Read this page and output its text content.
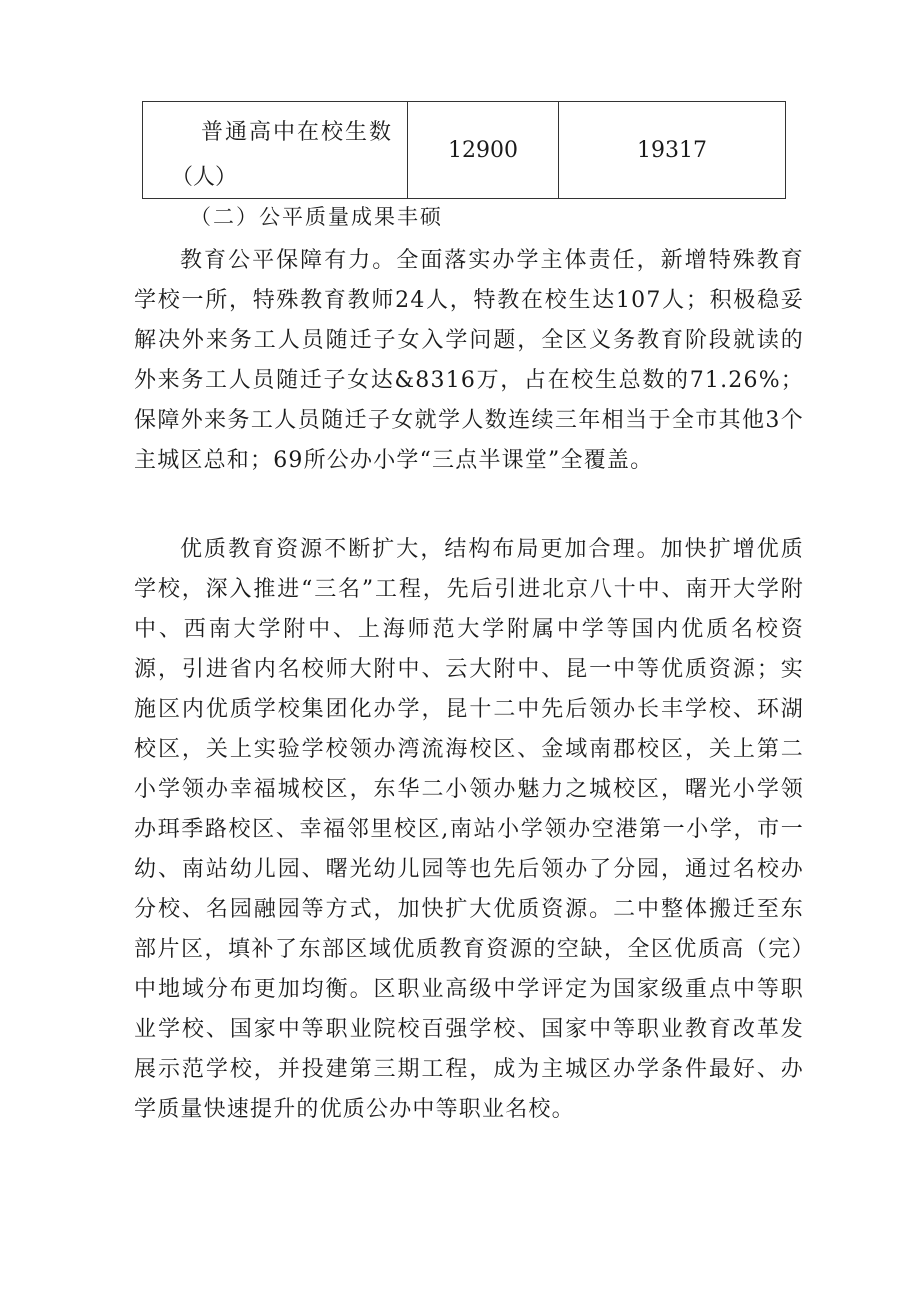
普通高中在校生数
（人）
	12900	19317
（二）公平质量成果丰硕

教育公平保障有力。全面落实办学主体责任，新增特殊教育学校一所，特殊教育教师24人，特教在校生达107人；积极稳妥解决外来务工人员随迁子女入学问题，全区义务教育阶段就读的外来务工人员随迁子女达&8316万，占在校生总数的71.26%；保障外来务工人员随迁子女就学人数连续三年相当于全市其他3个主城区总和；69所公办小学“三点半课堂”全覆盖。

优质教育资源不断扩大，结构布局更加合理。加快扩增优质学校，深入推进“三名”工程，先后引进北京八十中、南开大学附中、西南大学附中、上海师范大学附属中学等国内优质名校资源，引进省内名校师大附中、云大附中、昆一中等优质资源；实施区内优质学校集团化办学，昆十二中先后领办长丰学校、环湖校区，关上实验学校领办湾流海校区、金域南郡校区，关上第二小学领办幸福城校区，东华二小领办魅力之城校区，曙光小学领办珥季路校区、幸福邻里校区,南站小学领办空港第一小学，市一幼、南站幼儿园、曙光幼儿园等也先后领办了分园，通过名校办分校、名园融园等方式，加快扩大优质资源。二中整体搬迁至东部片区，填补了东部区域优质教育资源的空缺，全区优质高（完）中地域分布更加均衡。区职业高级中学评定为国家级重点中等职业学校、国家中等职业院校百强学校、国家中等职业教育改革发展示范学校，并投建第三期工程，成为主城区办学条件最好、办学质量快速提升的优质公办中等职业名校。
